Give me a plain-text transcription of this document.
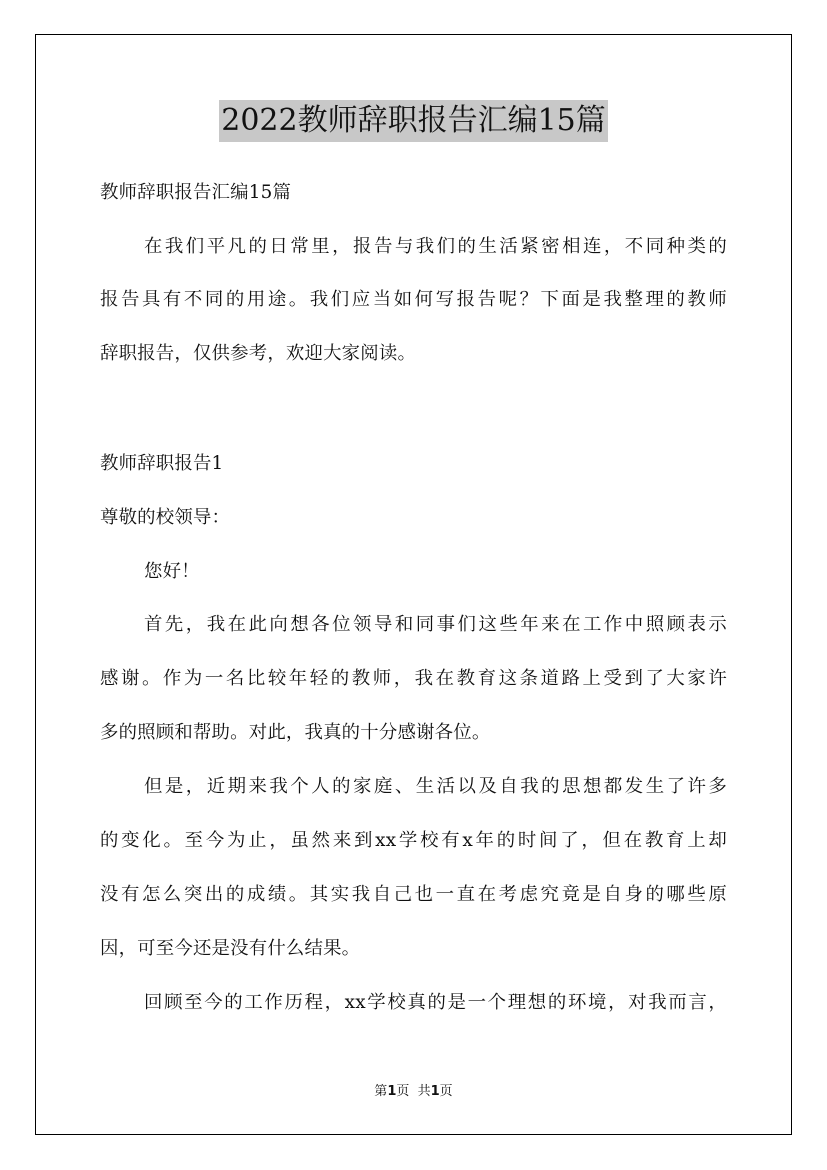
2022教师辞职报告汇编15篇
教师辞职报告汇编15篇
在我们平凡的日常里，报告与我们的生活紧密相连，不同种类的
报告具有不同的用途。我们应当如何写报告呢？下面是我整理的教师
辞职报告，仅供参考，欢迎大家阅读。
教师辞职报告1
尊敬的校领导：
您好！
首先，我在此向想各位领导和同事们这些年来在工作中照顾表示
感谢。作为一名比较年轻的教师，我在教育这条道路上受到了大家许
多的照顾和帮助。对此，我真的十分感谢各位。
但是，近期来我个人的家庭、生活以及自我的思想都发生了许多
的变化。至今为止，虽然来到xx学校有x年的时间了，但在教育上却
没有怎么突出的成绩。其实我自己也一直在考虑究竟是自身的哪些原
因，可至今还是没有什么结果。
回顾至今的工作历程，xx学校真的是一个理想的环境，对我而言，
第1页  共1页
